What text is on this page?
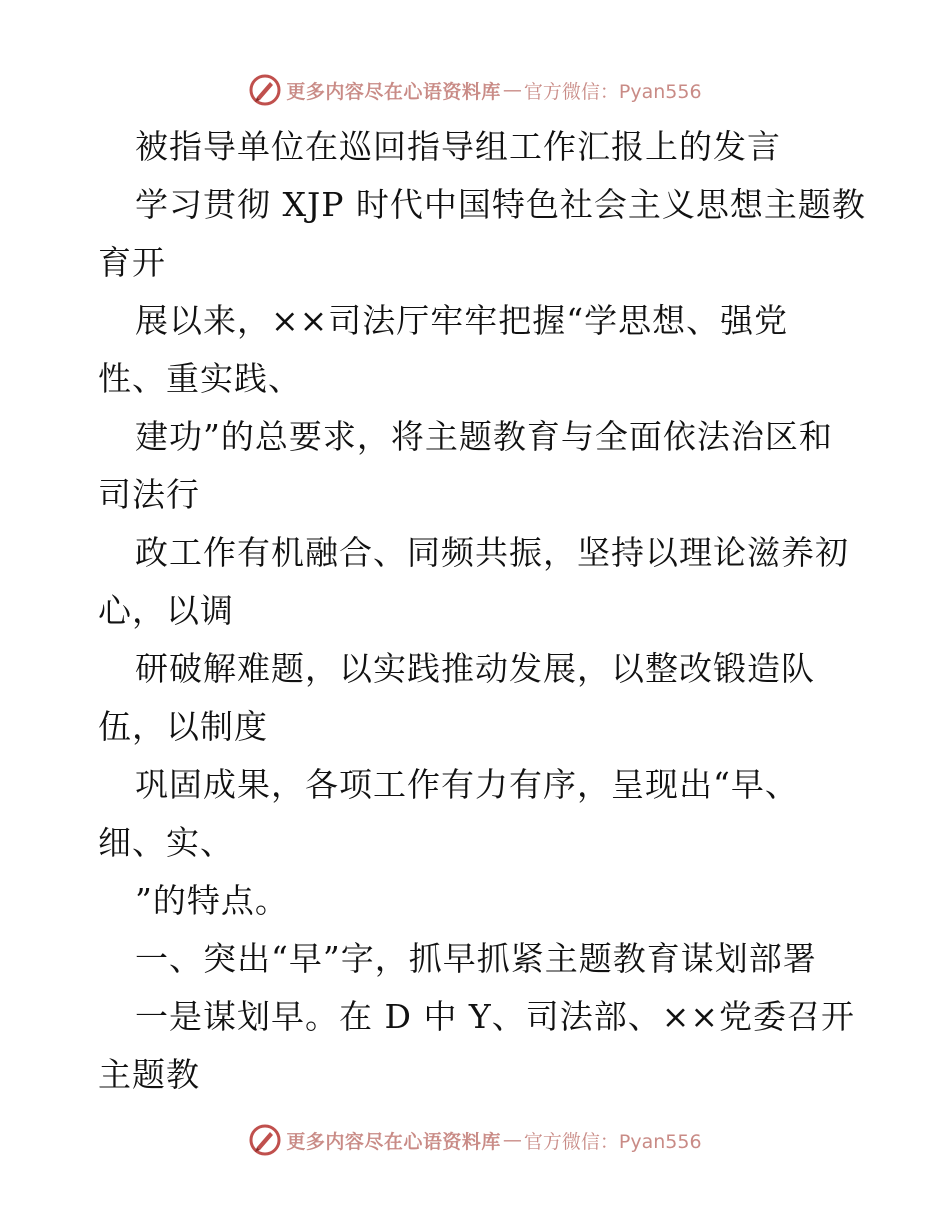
更多内容尽在心语资料库 — 官方微信：Pyan556
被指导单位在巡回指导组工作汇报上的发言
学习贯彻 XJP 时代中国特色社会主义思想主题教
育开
展以来，××司法厅牢牢把握“学思想、强党
性、重实践、
建功”的总要求，将主题教育与全面依法治区和
司法行
政工作有机融合、同频共振，坚持以理论滋养初
心，以调
研破解难题，以实践推动发展，以整改锻造队
伍，以制度
巩固成果，各项工作有力有序，呈现出“早、
细、实、
”的特点。
一、突出“早”字，抓早抓紧主题教育谋划部署
一是谋划早。在 D 中 Y、司法部、××党委召开
主题教
更多内容尽在心语资料库 — 官方微信：Pyan556
